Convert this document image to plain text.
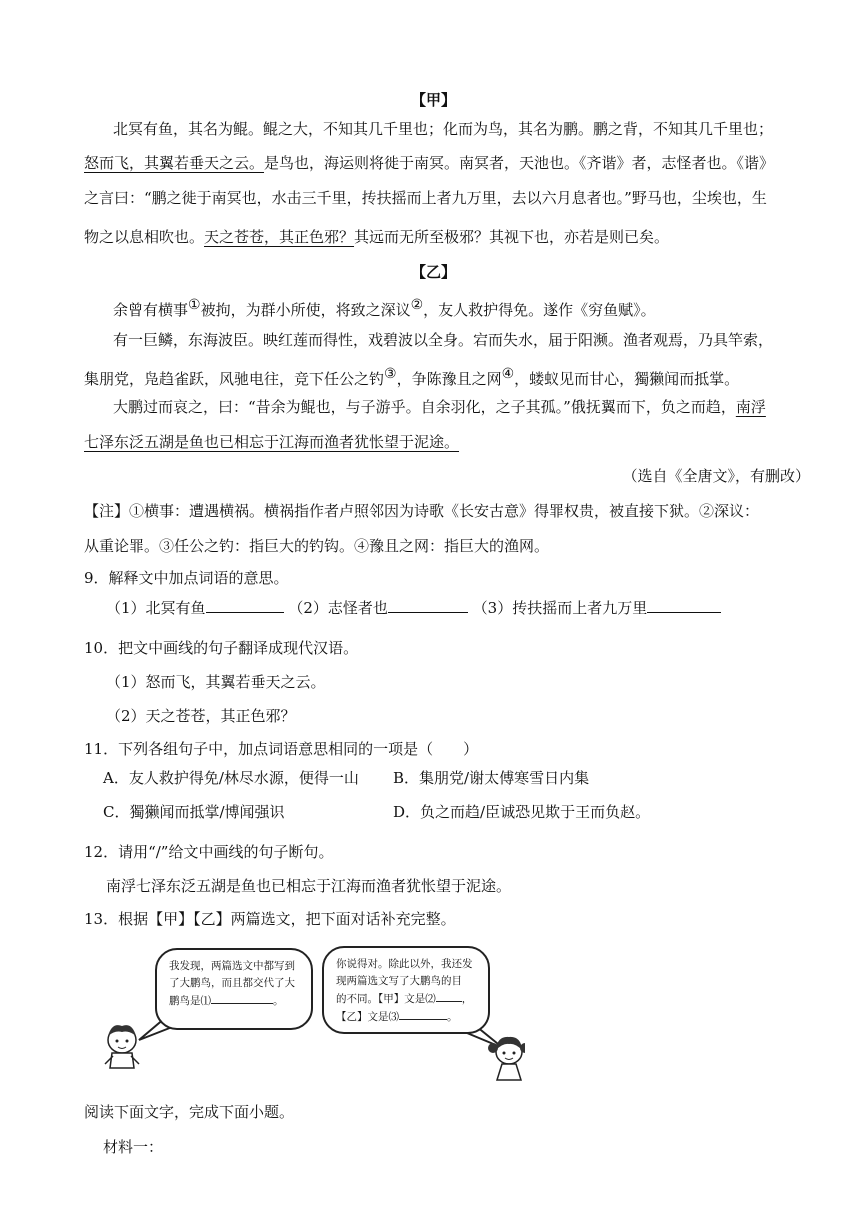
【甲】
北冥有鱼，其名为鲲。鲲之大，不知其几千里也；化而为鸟，其名为鹏。鹏之背，不知其几千里也；
怒而飞，其翼若垂天之云。是鸟也，海运则将徙于南冥。南冥者，天池也。《齐谐》者，志怪者也。《谐》
之言曰：“鹏之徙于南冥也，水击三千里，抟扶摇而上者九万里，去以六月息者也。”野马也，尘埃也，生
物之以息相吹也。天之苍苍，其正色邪？其远而无所至极邪？其视下也，亦若是则已矣。
【乙】
余曾有横事①被拘，为群小所使，将致之深议②，友人救护得免。遂作《穷鱼赋》。
有一巨鳞，东海波臣。映红莲而得性，戏碧波以全身。宕而失水，届于阳濒。渔者观焉，乃具竿索，
集朋党，凫趋雀跃，风驰电往，竞下任公之钓③，争陈豫且之网④，蝼蚁见而甘心，獨獭闻而抵掌。
大鹏过而哀之，曰：“昔余为鲲也，与子游乎。自余羽化，之子其孤。”俄抚翼而下，负之而趋，南浮
七泽东泛五湖是鱼也已相忘于江海而渔者犹怅望于泥途。
（选自《全唐文》，有删改）
【注】①横事：遭遇横祸。横祸指作者卢照邻因为诗歌《长安古意》得罪权贵，被直接下狱。②深议：
从重论罪。③任公之钓：指巨大的钓钩。④豫且之网：指巨大的渔网。
9．解释文中加点词语的意思。
（1）北冥有鱼	（2）志怪者也	（3）抟扶摇而上者九万里
10．把文中画线的句子翻译成现代汉语。
（1）怒而飞，其翼若垂天之云。
（2）天之苍苍，其正色邪？
11．下列各组句子中，加点词语意思相同的一项是（　　）
A．友人救护得免/林尽水源，便得一山 B．集朋党/谢太傅寒雪日内集
C．獨獭闻而抵掌/博闻强识	D．负之而趋/臣诚恐见欺于王而负赵。
12．请用“/”给文中画线的句子断句。
南浮七泽东泛五湖是鱼也已相忘于江海而渔者犹怅望于泥途。
13．根据【甲】【乙】两篇选文，把下面对话补充完整。
我发现，两篇选文中都写到
了大鹏鸟，而且都交代了大
鹏鸟是⑴	。
你说得对。除此以外，我还发
现两篇选文写了大鹏鸟的目
的不同。【甲】文是⑵ ，
【乙】文是⑶	。
阅读下面文字，完成下面小题。
材料一：
